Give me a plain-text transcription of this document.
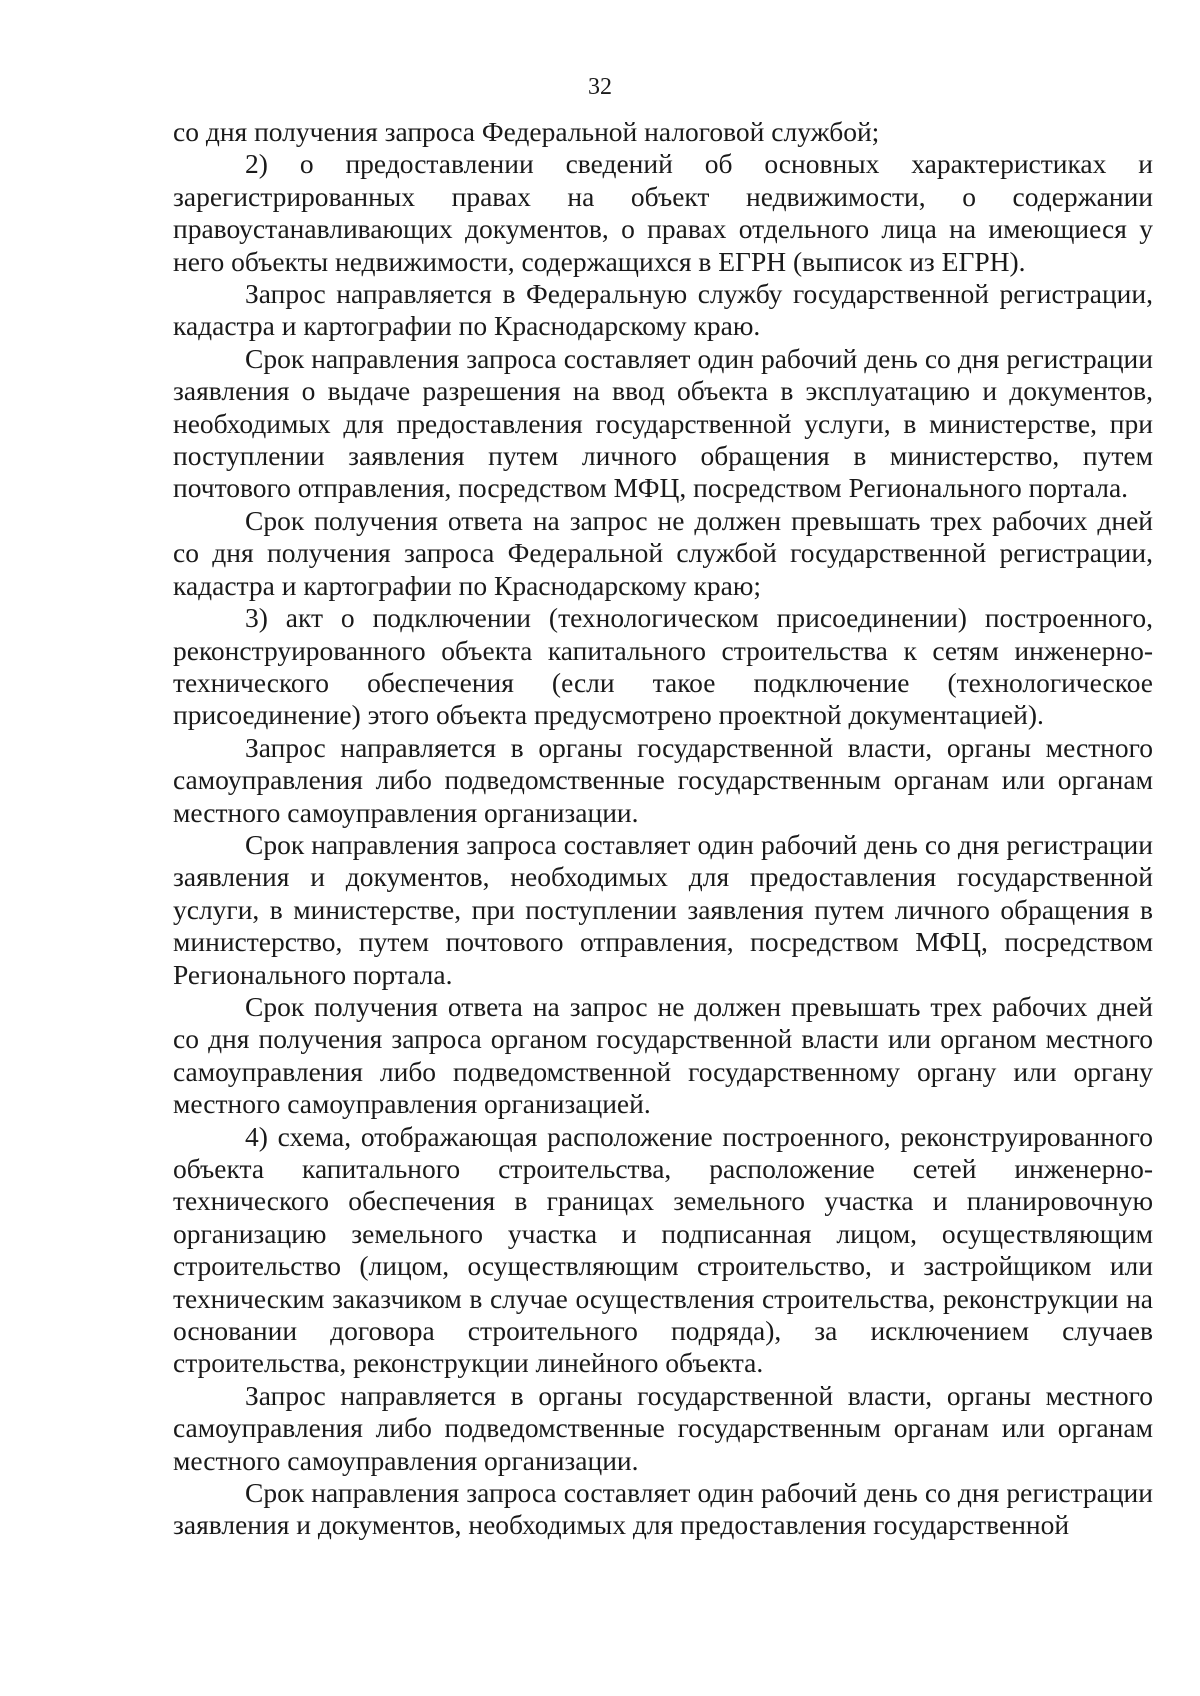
32

со дня получения запроса Федеральной налоговой службой;

2) о предоставлении сведений об основных характеристиках и зарегистрированных правах на объект недвижимости, о содержании правоустанавливающих документов, о правах отдельного лица на имеющиеся у него объекты недвижимости, содержащихся в ЕГРН (выписок из ЕГРН).

Запрос направляется в Федеральную службу государственной регистрации, кадастра и картографии по Краснодарскому краю.

Срок направления запроса составляет один рабочий день со дня регистрации заявления о выдаче разрешения на ввод объекта в эксплуатацию и документов, необходимых для предоставления государственной услуги, в министерстве, при поступлении заявления путем личного обращения в министерство, путем почтового отправления, посредством МФЦ, посредством Регионального портала.

Срок получения ответа на запрос не должен превышать трех рабочих дней со дня получения запроса Федеральной службой государственной регистрации, кадастра и картографии по Краснодарскому краю;

3) акт о подключении (технологическом присоединении) построенного, реконструированного объекта капитального строительства к сетям инженерно-технического обеспечения (если такое подключение (технологическое присоединение) этого объекта предусмотрено проектной документацией).

Запрос направляется в органы государственной власти, органы местного самоуправления либо подведомственные государственным органам или органам местного самоуправления организации.

Срок направления запроса составляет один рабочий день со дня регистрации заявления и документов, необходимых для предоставления государственной услуги, в министерстве, при поступлении заявления путем личного обращения в министерство, путем почтового отправления, посредством МФЦ, посредством Регионального портала.

Срок получения ответа на запрос не должен превышать трех рабочих дней со дня получения запроса органом государственной власти или органом местного самоуправления либо подведомственной государственному органу или органу местного самоуправления организацией.

4) схема, отображающая расположение построенного, реконструированного объекта капитального строительства, расположение сетей инженерно-технического обеспечения в границах земельного участка и планировочную организацию земельного участка и подписанная лицом, осуществляющим строительство (лицом, осуществляющим строительство, и застройщиком или техническим заказчиком в случае осуществления строительства, реконструкции на основании договора строительного подряда), за исключением случаев строительства, реконструкции линейного объекта.

Запрос направляется в органы государственной власти, органы местного самоуправления либо подведомственные государственным органам или органам местного самоуправления организации.

Срок направления запроса составляет один рабочий день со дня регистрации заявления и документов, необходимых для предоставления государственной
